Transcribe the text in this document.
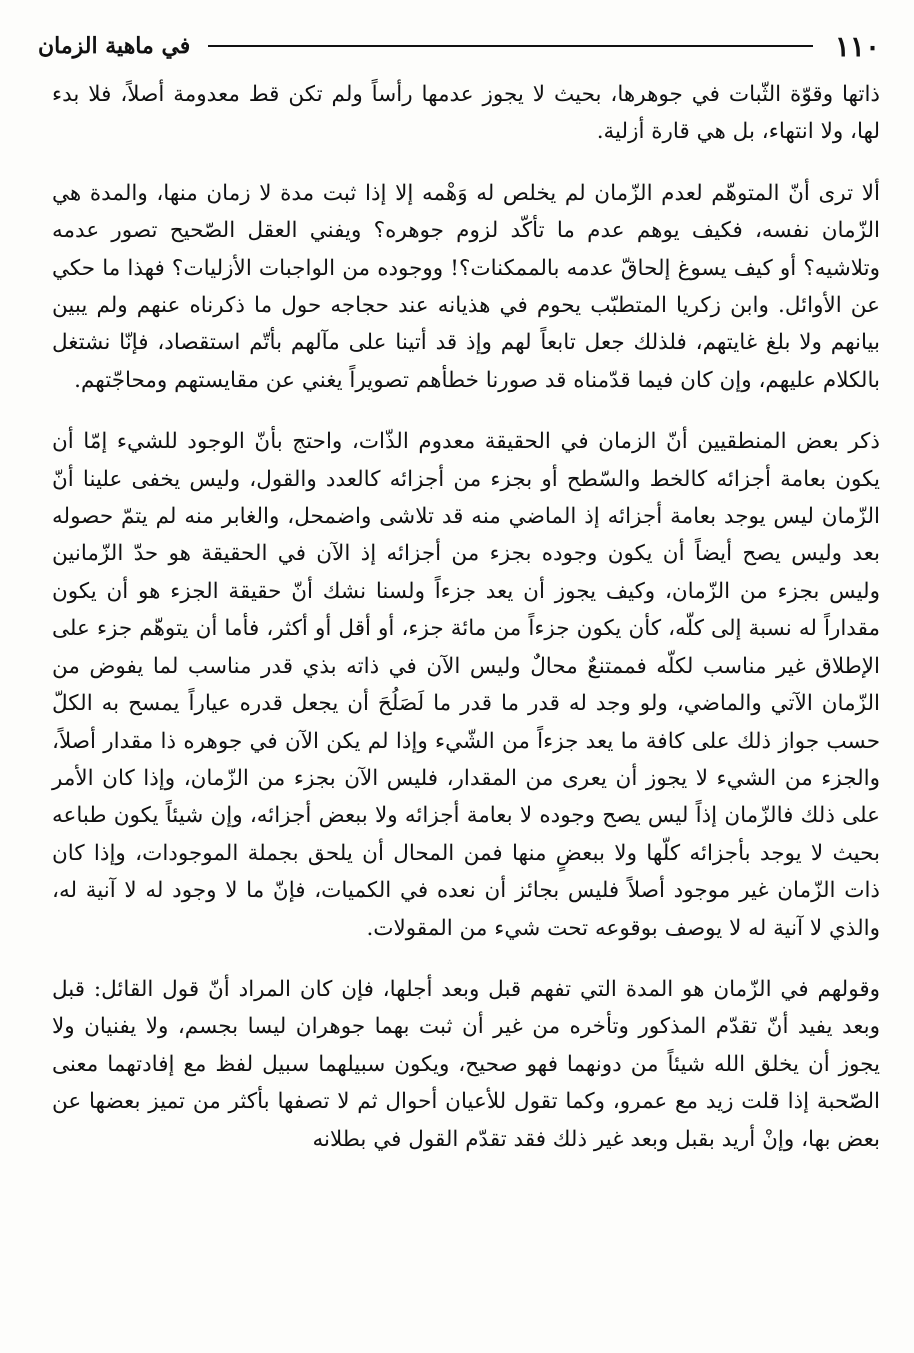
١١٠
في ماهية الزمان

ذاتها وقوّة الثّبات في جوهرها، بحيث لا يجوز عدمها رأساً ولم تكن قط معدومة أصلاً، فلا بدء لها، ولا انتهاء، بل هي قارة أزلية.

ألا ترى أنّ المتوهّم لعدم الزّمان لم يخلص له وَهْمه إلا إذا ثبت مدة لا زمان منها، والمدة هي الزّمان نفسه، فكيف يوهم عدم ما تأكّد لزوم جوهره؟ ويفني العقل الصّحيح تصور عدمه وتلاشيه؟ أو كيف يسوغ إلحاقّ عدمه بالممكنات؟! ووجوده من الواجبات الأزليات؟ فهذا ما حكي عن الأوائل. وابن زكريا المتطبّب يحوم في هذيانه عند حجاجه حول ما ذكرناه عنهم ولم يبين بيانهم ولا بلغ غايتهم، فلذلك جعل تابعاً لهم وإذ قد أتينا على مآلهم بأتّم استقصاد، فإنّا نشتغل بالكلام عليهم، وإن كان فيما قدّمناه قد صورنا خطأهم تصويراً يغني عن مقايستهم ومحاجّتهم.

ذكر بعض المنطقيين أنّ الزمان في الحقيقة معدوم الذّات، واحتج بأنّ الوجود للشيء إمّا أن يكون بعامة أجزائه كالخط والسّطح أو بجزء من أجزائه كالعدد والقول، وليس يخفى علينا أنّ الزّمان ليس يوجد بعامة أجزائه إذ الماضي منه قد تلاشى واضمحل، والغابر منه لم يتمّ حصوله بعد وليس يصح أيضاً أن يكون وجوده بجزء من أجزائه إذ الآن في الحقيقة هو حدّ الزّمانين وليس بجزء من الزّمان، وكيف يجوز أن يعد جزءاً ولسنا نشك أنّ حقيقة الجزء هو أن يكون مقداراً له نسبة إلى كلّه، كأن يكون جزءاً من مائة جزء، أو أقل أو أكثر، فأما أن يتوهّم جزء على الإطلاق غير مناسب لكلّه فممتنعٌ محالٌ وليس الآن في ذاته بذي قدر مناسب لما يفوض من الزّمان الآتي والماضي، ولو وجد له قدر ما قدر ما لَصَلُحَ أن يجعل قدره عياراً يمسح به الكلّ حسب جواز ذلك على كافة ما يعد جزءاً من الشّيء وإذا لم يكن الآن في جوهره ذا مقدار أصلاً، والجزء من الشيء لا يجوز أن يعرى من المقدار، فليس الآن بجزء من الزّمان، وإذا كان الأمر على ذلك فالزّمان إذاً ليس يصح وجوده لا بعامة أجزائه ولا ببعض أجزائه، وإن شيئاً يكون طباعه بحيث لا يوجد بأجزائه كلّها ولا ببعضٍ منها فمن المحال أن يلحق بجملة الموجودات، وإذا كان ذات الزّمان غير موجود أصلاً فليس بجائز أن نعده في الكميات، فإنّ ما لا وجود له لا آنية له، والذي لا آنية له لا يوصف بوقوعه تحت شيء من المقولات.

وقولهم في الزّمان هو المدة التي تفهم قبل وبعد أجلها، فإن كان المراد أنّ قول القائل: قبل وبعد يفيد أنّ تقدّم المذكور وتأخره من غير أن ثبت بهما جوهران ليسا بجسم، ولا يفنيان ولا يجوز أن يخلق الله شيئاً من دونهما فهو صحيح، ويكون سبيلهما سبيل لفظ مع إفادتهما معنى الصّحبة إذا قلت زيد مع عمرو، وكما تقول للأعيان أحوال ثم لا تصفها بأكثر من تميز بعضها عن بعض بها، وإنْ أريد بقبل وبعد غير ذلك فقد تقدّم القول في بطلانه
